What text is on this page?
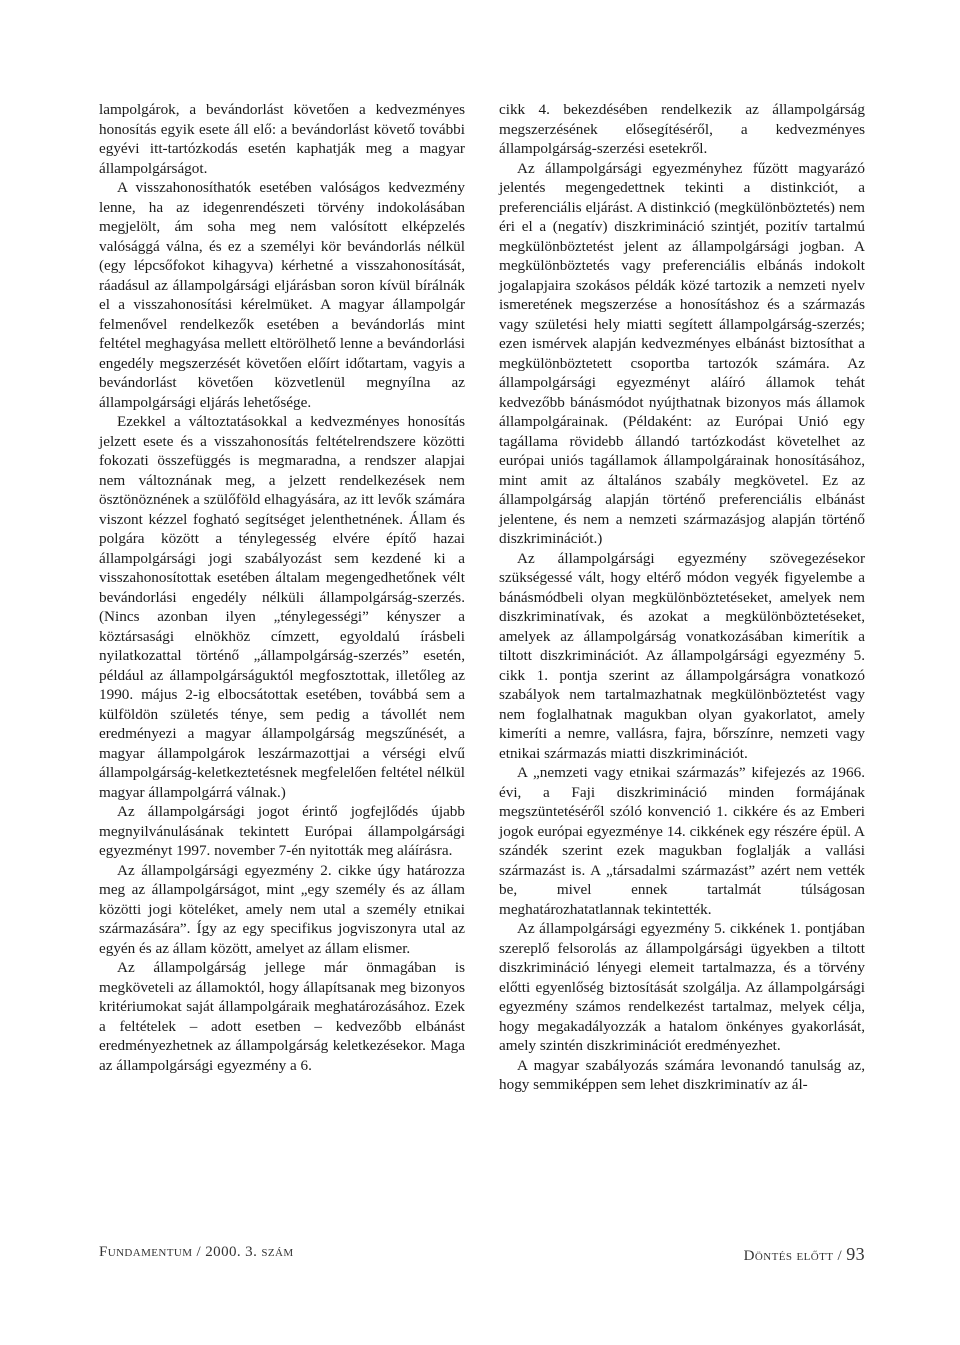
lampolgárok, a bevándorlást követően a kedvezményes honosítás egyik esete áll elő: a bevándorlást követő további egyévi itt-tartózkodás esetén kaphatják meg a magyar állampolgárságot.

A visszahonosíthatók esetében valóságos kedvezmény lenne, ha az idegenrendészeti törvény indokolásában megjelölt, ám soha meg nem valósított elképzelés valósággá válna, és ez a személyi kör bevándorlás nélkül (egy lépcsőfokot kihagyva) kérhetné a visszahonosítását, ráadásul az állampolgársági eljárásban soron kívül bírálnák el a visszahonosítási kérelmüket. A magyar állampolgár felmenővel rendelkezők esetében a bevándorlás mint feltétel meghagyása mellett eltörölhető lenne a bevándorlási engedély megszerzését követően előírt időtartam, vagyis a bevándorlást követően közvetlenül megnyílna az állampolgársági eljárás lehetősége.

Ezekkel a változtatásokkal a kedvezményes honosítás jelzett esete és a visszahonosítás feltételrendszere közötti fokozati összefüggés is megmaradna, a rendszer alapjai nem változnának meg, a jelzett rendelkezések nem ösztönöznének a szülőföld elhagyására, az itt levők számára viszont kézzel fogható segítséget jelenthetnének. Állam és polgára között a ténylegesség elvére építő hazai állampolgársági jogi szabályozást sem kezdené ki a visszahonosítottak esetében általam megengedhetőnek vélt bevándorlási engedély nélküli állampolgárság-szerzés. (Nincs azonban ilyen „ténylegességi” kényszer a köztársasági elnökhöz címzett, egyoldalú írásbeli nyilatkozattal történő „állampolgárság-szerzés” esetén, például az állampolgárságuktól megfosztottak, illetőleg az 1990. május 2-ig elbocsátottak esetében, továbbá sem a külföldön születés ténye, sem pedig a távollét nem eredményezi a magyar állampolgárság megszűnését, a magyar állampolgárok leszármazottjai a vérségi elvű állampolgárság-keletkeztetésnek megfelelően feltétel nélkül magyar állampolgárrá válnak.)

Az állampolgársági jogot érintő jogfejlődés újabb megnyilvánulásának tekintett Európai állampolgársági egyezményt 1997. november 7-én nyitották meg aláírásra.

Az állampolgársági egyezmény 2. cikke úgy határozza meg az állampolgárságot, mint „egy személy és az állam közötti jogi köteléket, amely nem utal a személy etnikai származására”. Így az egy specifikus jogviszonyra utal az egyén és az állam között, amelyet az állam elismer.

Az állampolgárság jellege már önmagában is megköveteli az államoktól, hogy állapítsanak meg bizonyos kritériumokat saját állampolgáraik meghatározásához. Ezek a feltételek – adott esetben – kedvezőbb elbánást eredményezhetnek az állampolgárság keletkezésekor. Maga az állampolgársági egyezmény a 6.

cikk 4. bekezdésében rendelkezik az állampolgárság megszerzésének elősegítéséről, a kedvezményes állampolgárság-szerzési esetekről.

Az állampolgársági egyezményhez fűzött magyarázó jelentés megengedettnek tekinti a distinkciót, a preferenciális eljárást. A distinkció (megkülönböztetés) nem éri el a (negatív) diszkrimináció szintjét, pozitív tartalmú megkülönböztetést jelent az állampolgársági jogban. A megkülönböztetés vagy preferenciális elbánás indokolt jogalapjaira szokásos példák közé tartozik a nemzeti nyelv ismeretének megszerzése a honosításhoz és a származás vagy születési hely miatti segített állampolgárság-szerzés; ezen ismérvek alapján kedvezményes elbánást biztosíthat a megkülönböztetett csoportba tartozók számára. Az állampolgársági egyezményt aláíró államok tehát kedvezőbb bánásmódot nyújthatnak bizonyos más államok állampolgárainak. (Példaként: az Európai Unió egy tagállama rövidebb állandó tartózkodást követelhet az európai uniós tagállamok állampolgárainak honosításához, mint amit az általános szabály megkövetel. Ez az állampolgárság alapján történő preferenciális elbánást jelentene, és nem a nemzeti származásjog alapján történő diszkriminációt.)

Az állampolgársági egyezmény szövegezésekor szükségessé vált, hogy eltérő módon vegyék figyelembe a bánásmódbeli olyan megkülönböztetéseket, amelyek nem diszkriminatívak, és azokat a megkülönböztetéseket, amelyek az állampolgárság vonatkozásában kimerítik a tiltott diszkriminációt. Az állampolgársági egyezmény 5. cikk 1. pontja szerint az állampolgárságra vonatkozó szabályok nem tartalmazhatnak megkülönböztetést vagy nem foglalhatnak magukban olyan gyakorlatot, amely kimeríti a nemre, vallásra, fajra, bőrszínre, nemzeti vagy etnikai származás miatti diszkriminációt.

A „nemzeti vagy etnikai származás” kifejezés az 1966. évi, a Faji diszkrimináció minden formájának megszüntetéséről szóló konvenció 1. cikkére és az Emberi jogok európai egyezménye 14. cikkének egy részére épül. A szándék szerint ezek magukban foglalják a vallási származást is. A „társadalmi származást” azért nem vették be, mivel ennek tartalmát túlságosan meghatározhatatlannak tekintették.

Az állampolgársági egyezmény 5. cikkének 1. pontjában szereplő felsorolás az állampolgársági ügyekben a tiltott diszkrimináció lényegi elemeit tartalmazza, és a törvény előtti egyenlőség biztosítását szolgálja. Az állampolgársági egyezmény számos rendelkezést tartalmaz, melyek célja, hogy megakadályozzák a hatalom önkényes gyakorlását, amely szintén diszkriminációt eredményezhet.

A magyar szabályozás számára levonandó tanulság az, hogy semmiképpen sem lehet diszkriminatív az ál-

Fundamentum / 2000. 3. szám	Döntés előtt / 93
